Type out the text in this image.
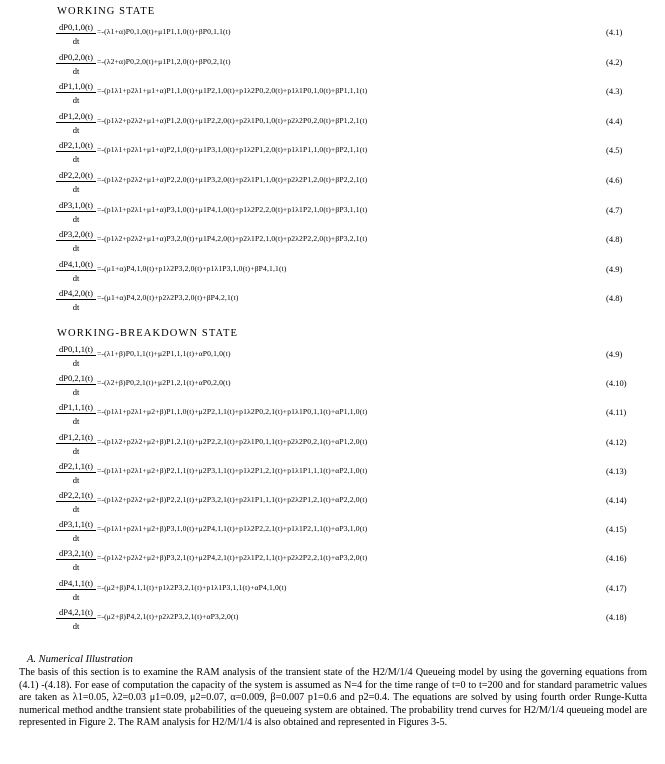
WORKING STATE
$\frac{dP0,1,0(t)}{dt} =-(\lambda 1+\alpha)P0,1,0(t)+\mu 1P1,1,0(t)+\beta P0,1,1(t)$	(4.1)
$\frac{dP0,2,0(t)}{dt} =-(\lambda 2+\alpha)P0,2,0(t)+\mu 1P1,2,0(t)+\beta P0,2,1(t)$	(4.2)
$\frac{dP1,1,0(t)}{dt} =-(p1\lambda 1+p2\lambda 1+\mu 1+\alpha)P1,1,0(t)+\mu 1P2,1,0(t)+p1\lambda 2P0,2,0(t)+p1\lambda 1P0,1,0(t)+\beta P1,1,1(t)$	(4.3)
$\frac{dP1,2,0(t)}{dt} =-(p1\lambda 2+p2\lambda 2+\mu 1+\alpha)P1,2,0(t)+\mu 1P2,2,0(t)+p2\lambda 1P0,1,0(t)+p2\lambda 2P0,2,0(t)+\beta P1,2,1(t)$	(4.4)
$\frac{dP2,1,0(t)}{dt} =-(p1\lambda 1+p2\lambda 1+\mu 1+\alpha)P2,1,0(t)+\mu 1P3,1,0(t)+p1\lambda 2P1,2,0(t)+p1\lambda 1P1,1,0(t)+\beta P2,1,1(t)$	(4.5)
$\frac{dP2,2,0(t)}{dt} =-(p1\lambda 2+p2\lambda 2+\mu 1+\alpha)P2,2,0(t)+\mu 1P3,2,0(t)+p2\lambda 1P1,1,0(t)+p2\lambda 2P1,2,0(t)+\beta P2,2,1(t)$	(4.6)
$\frac{dP3,1,0(t)}{dt} =-(p1\lambda 1+p2\lambda 1+\mu 1+\alpha)P3,1,0(t)+\mu 1P4,1,0(t)+p1\lambda 2P2,2,0(t)+p1\lambda 1P2,1,0(t)+\beta P3,1,1(t)$	(4.7)
$\frac{dP3,2,0(t)}{dt} =-(p1\lambda 2+p2\lambda 2+\mu 1+\alpha)P3,2,0(t)+\mu 1P4,2,0(t)+p2\lambda 1P2,1,0(t)+p2\lambda 2P2,2,0(t)+\beta P3,2,1(t)$	(4.8)
$\frac{dP4,1,0(t)}{dt} =-(\mu 1+\alpha)P4,1,0(t)+p1\lambda 2P3,2,0(t)+p1\lambda 1P3,1,0(t)+\beta P4,1,1(t)$	(4.9)
$\frac{dP4,2,0(t)}{dt} =-(\mu 1+\alpha)P4,2,0(t)+p2\lambda 2P3,2,0(t)+\beta P4,2,1(t)$	(4.8)
WORKING-BREAKDOWN STATE
$\frac{dP0,1,1(t)}{dt} =-(\lambda 1+\beta)P0,1,1(t)+\mu 2P1,1,1(t)+\alpha P0,1,0(t)$	(4.9)
$\frac{dP0,2,1(t)}{dt} =-(\lambda 2+\beta)P0,2,1(t)+\mu 2P1,2,1(t)+\alpha P0,2,0(t)$	(4.10)
$\frac{dP1,1,1(t)}{dt} =-(p1\lambda 1+p2\lambda 1+\mu 2+\beta)P1,1,0(t)+\mu 2P2,1,1(t)+p1\lambda 2P0,2,1(t)+p1\lambda 1P0,1,1(t)+\alpha P1,1,0(t)$	(4.11)
$\frac{dP1,2,1(t)}{dt} =-(p1\lambda 2+p2\lambda 2+\mu 2+\beta)P1,2,1(t)+\mu 2P2,2,1(t)+p2\lambda 1P0,1,1(t)+p2\lambda 2P0,2,1(t)+\alpha P1,2,0(t)$	(4.12)
$\frac{dP2,1,1(t)}{dt} =-(p1\lambda 1+p2\lambda 1+\mu 2+\beta)P2,1,1(t)+\mu 2P3,1,1(t)+p1\lambda 2P1,2,1(t)+p1\lambda 1P1,1,1(t)+\alpha P2,1,0(t)$	(4.13)
$\frac{dP2,2,1(t)}{dt} =-(p1\lambda 2+p2\lambda 2+\mu 2+\beta)P2,2,1(t)+\mu 2P3,2,1(t)+p2\lambda 1P1,1,1(t)+p2\lambda 2P1,2,1(t)+\alpha P2,2,0(t)$	(4.14)
$\frac{dP3,1,1(t)}{dt} =-(p1\lambda 1+p2\lambda 1+\mu 2+\beta)P3,1,0(t)+\mu 2P4,1,1(t)+p1\lambda 2P2,2,1(t)+p1\lambda 1P2,1,1(t)+\alpha P3,1,0(t)$	(4.15)
$\frac{dP3,2,1(t)}{dt} =-(p1\lambda 2+p2\lambda 2+\mu 2+\beta)P3,2,1(t)+\mu 2P4,2,1(t)+p2\lambda 1P2,1,1(t)+p2\lambda 2P2,2,1(t)+\alpha P3,2,0(t)$	(4.16)
$\frac{dP4,1,1(t)}{dt} =-(\mu 2+\beta)P4,1,1(t)+p1\lambda 2P3,2,1(t)+p1\lambda 1P3,1,1(t)+\alpha P4,1,0(t)$	(4.17)
$\frac{dP4,2,1(t)}{dt} =-(\mu 2+\beta)P4,2,1(t)+p2\lambda 2P3,2,1(t)+\alpha P3,2,0(t)$	(4.18)
A. Numerical Illustration
The basis of this section is to examine the RAM analysis of the transient state of the H2/M/1/4 Queueing model by using the governing equations from (4.1) -(4.18). For ease of computation the capacity of the system is assumed as N=4 for the time range of t=0 to t=200 and for standard parametric values are taken as λ1=0.05, λ2=0.03 μ1=0.09, μ2=0.07, α=0.009, β=0.007 p1=0.6 and p2=0.4. The equations are solved by using fourth order Runge-Kutta numerical method andthe transient state probabilities of the queueing system are obtained. The probability trend curves for H2/M/1/4 queueing model are represented in Figure 2. The RAM analysis for H2/M/1/4 is also obtained and represented in Figures 3-5.
